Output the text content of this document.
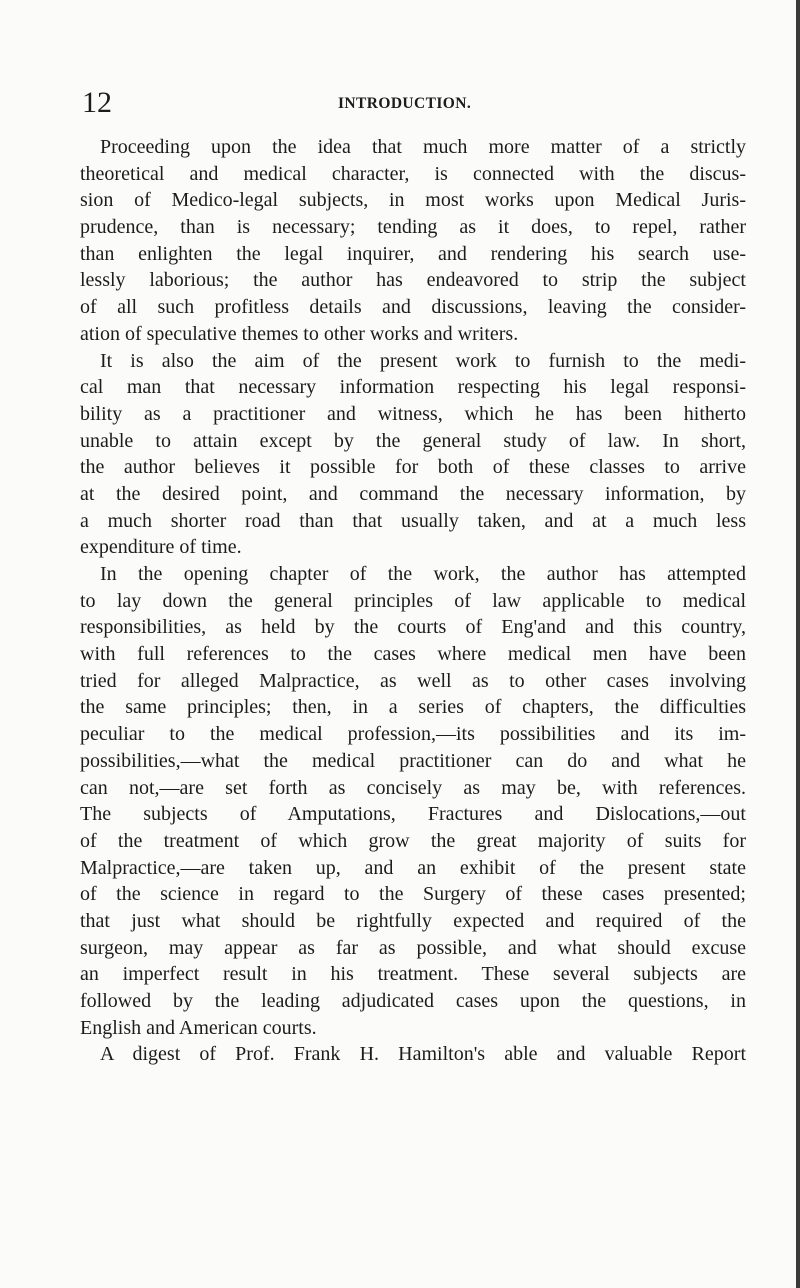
12	INTRODUCTION.
Proceeding upon the idea that much more matter of a strictly
theoretical and medical character, is connected with the discus-
sion of Medico-legal subjects, in most works upon Medical Juris-
prudence, than is necessary; tending as it does, to repel, rather
than enlighten the legal inquirer, and rendering his search use-
lessly laborious; the author has endeavored to strip the subject
of all such profitless details and discussions, leaving the consider-
ation of speculative themes to other works and writers.
It is also the aim of the present work to furnish to the medi-
cal man that necessary information respecting his legal responsi-
bility as a practitioner and witness, which he has been hitherto
unable to attain except by the general study of law. In short,
the author believes it possible for both of these classes to arrive
at the desired point, and command the necessary information, by
a much shorter road than that usually taken, and at a much less
expenditure of time.
In the opening chapter of the work, the author has attempted
to lay down the general principles of law applicable to medical
responsibilities, as held by the courts of Eng'and and this country,
with full references to the cases where medical men have been
tried for alleged Malpractice, as well as to other cases involving
the same principles; then, in a series of chapters, the difficulties
peculiar to the medical profession,—its possibilities and its im-
possibilities,—what the medical practitioner can do and what he
can not,—are set forth as concisely as may be, with references.
The subjects of Amputations, Fractures and Dislocations,—out
of the treatment of which grow the great majority of suits for
Malpractice,—are taken up, and an exhibit of the present state
of the science in regard to the Surgery of these cases presented;
that just what should be rightfully expected and required of the
surgeon, may appear as far as possible, and what should excuse
an imperfect result in his treatment. These several subjects are
followed by the leading adjudicated cases upon the questions, in
English and American courts.
A digest of Prof. Frank H. Hamilton's able and valuable Report
